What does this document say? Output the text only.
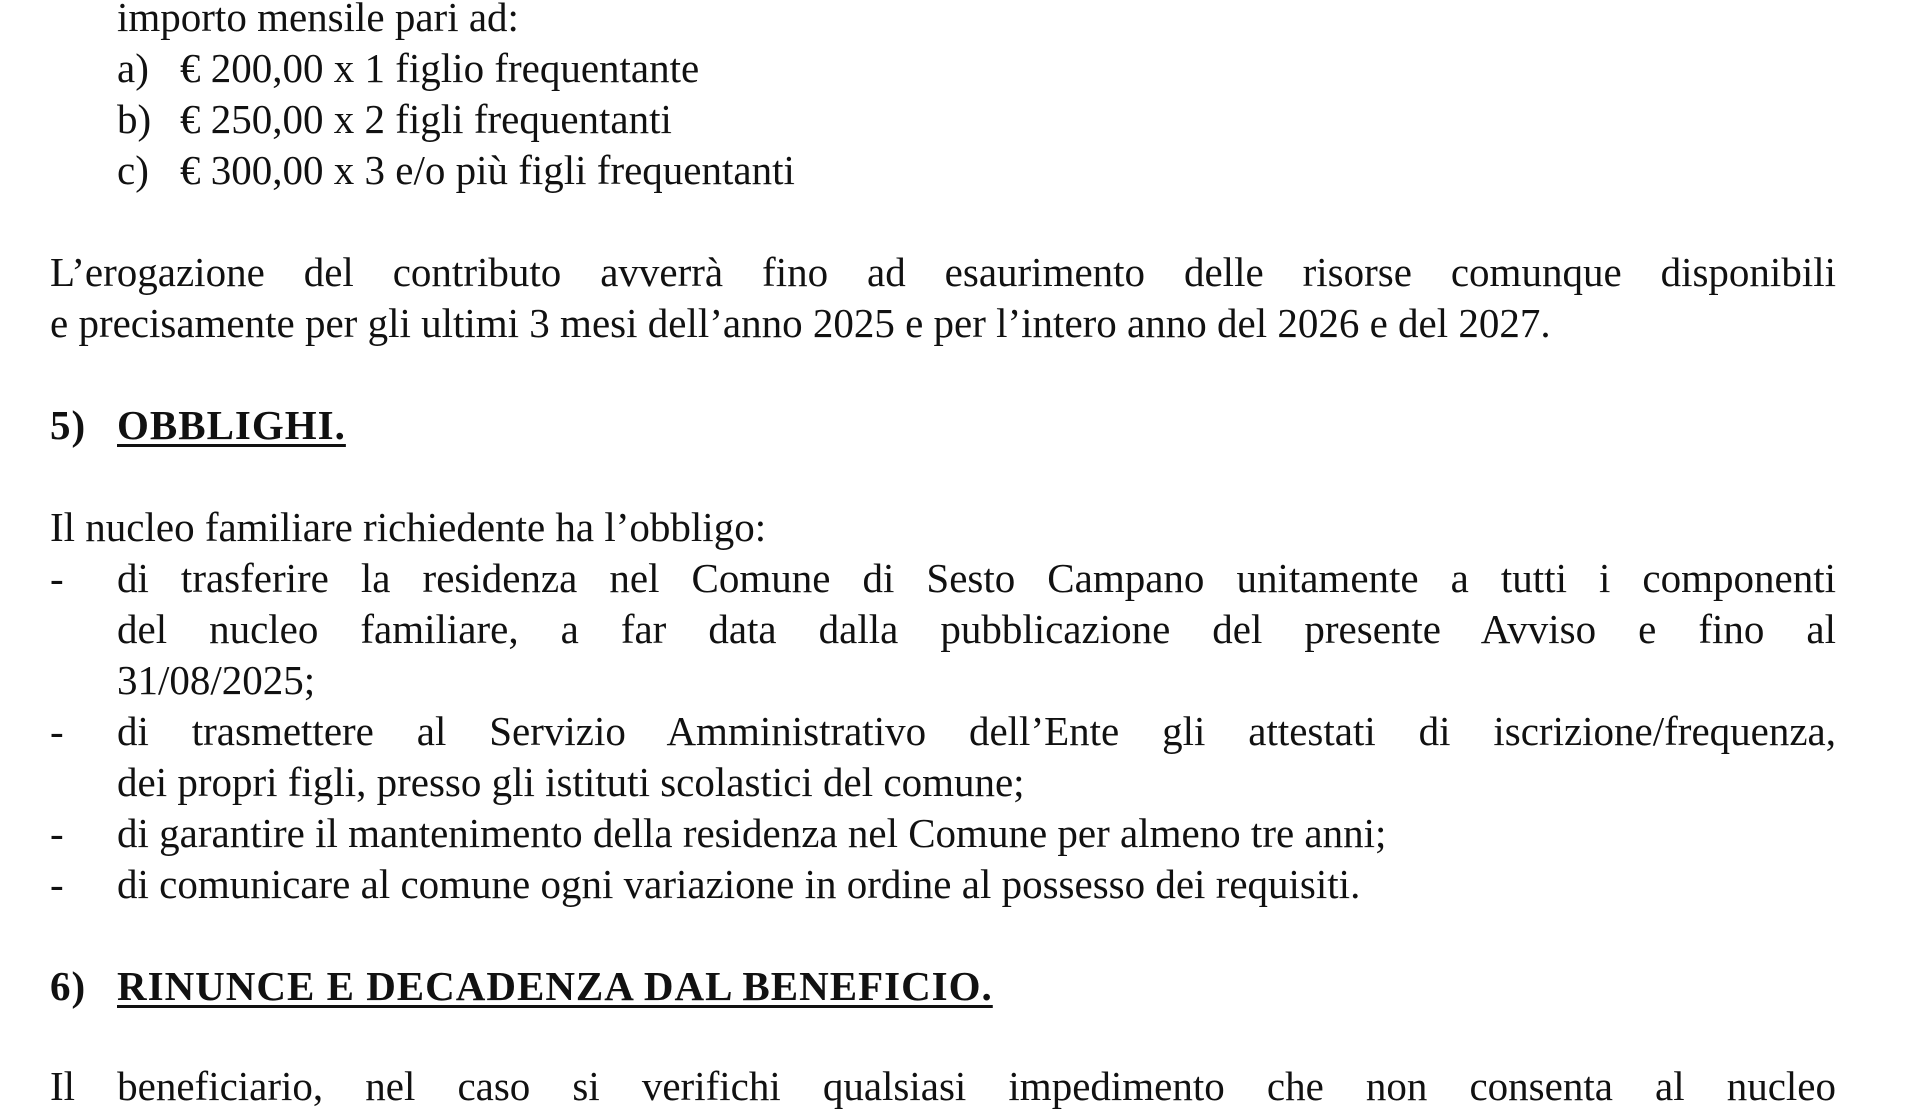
importo mensile pari ad:
a) € 200,00 x 1 figlio frequentante
b) € 250,00 x 2 figli frequentanti
c) € 300,00 x 3 e/o più figli frequentanti
L’erogazione del contributo avverrà fino ad esaurimento delle risorse comunque disponibili
e precisamente per gli ultimi 3 mesi dell’anno 2025 e per l’intero anno del 2026 e del 2027.
5) OBBLIGHI.
Il nucleo familiare richiedente ha l’obbligo:
- di trasferire la residenza nel Comune di Sesto Campano unitamente a tutti i componenti
del nucleo familiare, a far data dalla pubblicazione del presente Avviso e fino al
31/08/2025;
- di trasmettere al Servizio Amministrativo dell’Ente gli attestati di iscrizione/frequenza,
dei propri figli, presso gli istituti scolastici del comune;
- di garantire il mantenimento della residenza nel Comune per almeno tre anni;
- di comunicare al comune ogni variazione in ordine al possesso dei requisiti.
6) RINUNCE E DECADENZA DAL BENEFICIO.
Il beneficiario, nel caso si verifichi qualsiasi impedimento che non consenta al nucleo
